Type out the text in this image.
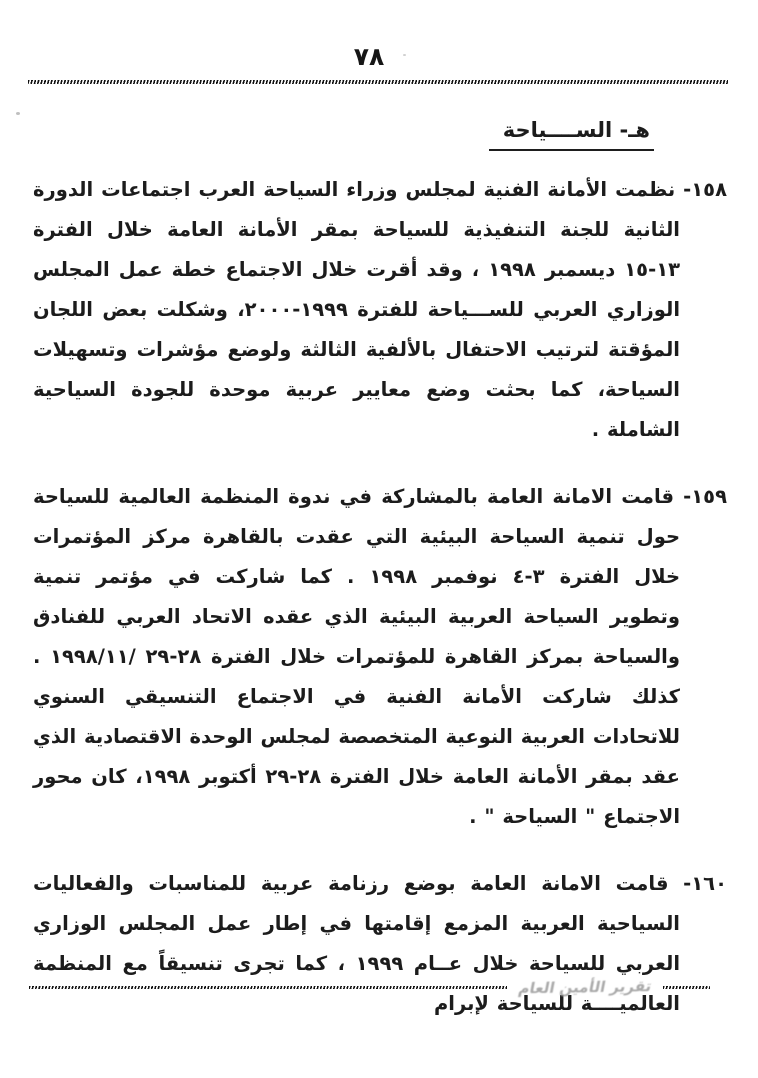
٧٨
هـ- الســــياحة

١٥٨- نظمت الأمانة الفنية لمجلس وزراء السياحة العرب اجتماعات الدورة الثانية للجنة التنفيذية للسياحة بمقر الأمانة العامة خلال الفترة ١٣-١٥ ديسمبر ١٩٩٨ ، وقد أقرت خلال الاجتماع خطة عمل المجلس الوزاري العربي للســـياحة للفترة ١٩٩٩-٢٠٠٠، وشكلت بعض اللجان المؤقتة لترتيب الاحتفال بالألفية الثالثة ولوضع مؤشرات وتسهيلات السياحة، كما بحثت وضع معايير عربية موحدة للجودة السياحية الشاملة .

١٥٩- قامت الامانة العامة بالمشاركة في ندوة المنظمة العالمية للسياحة حول تنمية السياحة البيئية التي عقدت بالقاهرة مركز المؤتمرات خلال الفترة ٣-٤ نوفمبر ١٩٩٨ . كما شاركت في مؤتمر تنمية وتطوير السياحة العربية البيئية الذي عقده الاتحاد العربي للفنادق والسياحة بمركز القاهرة للمؤتمرات خلال الفترة ٢٨-٢٩ /١١/‏١٩٩٨ . كذلك شاركت الأمانة الفنية في الاجتماع التنسيقي السنوي للاتحادات العربية النوعية المتخصصة لمجلس الوحدة الاقتصادية الذي عقد بمقر الأمانة العامة خلال الفترة ٢٨-٢٩ أكتوبر ١٩٩٨، كان محور الاجتماع " السياحة " .

١٦٠- قامت الامانة العامة بوضع رزنامة عربية للمناسبات والفعاليات السياحية العربية المزمع إقامتها في إطار عمل المجلس الوزاري العربي للسياحة خلال عــام ١٩٩٩ ، كما تجرى تنسيقاً مع المنظمة العالميــــة للسياحة لإبرام

تقرير الأمين العام
